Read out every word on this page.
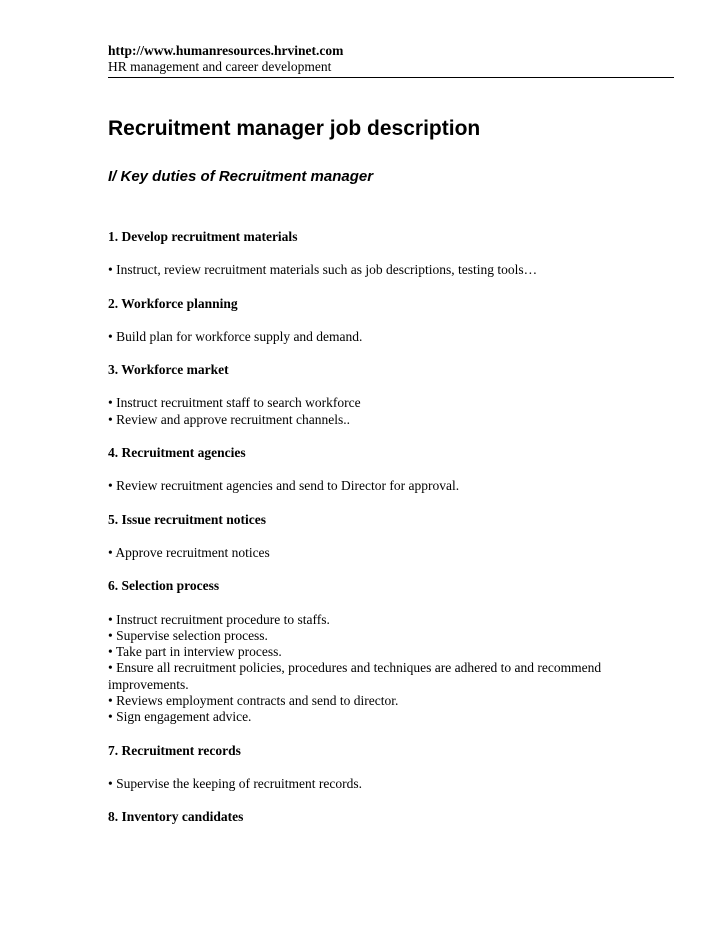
http://www.humanresources.hrvinet.com
HR management and career development
Recruitment manager job description
I/ Key duties of Recruitment manager
1. Develop recruitment materials
• Instruct, review recruitment materials such as job descriptions, testing tools…
2. Workforce planning
• Build plan for workforce supply and demand.
3. Workforce market
• Instruct recruitment staff to search workforce
• Review and approve recruitment channels..
4. Recruitment agencies
• Review recruitment agencies and send to Director for approval.
5. Issue recruitment notices
• Approve recruitment notices
6. Selection process
• Instruct recruitment procedure to staffs.
• Supervise selection process.
• Take part in interview process.
• Ensure all recruitment policies, procedures and techniques are adhered to and recommend improvements.
• Reviews employment contracts and send to director.
• Sign engagement advice.
7. Recruitment records
• Supervise the keeping of recruitment records.
8. Inventory candidates
